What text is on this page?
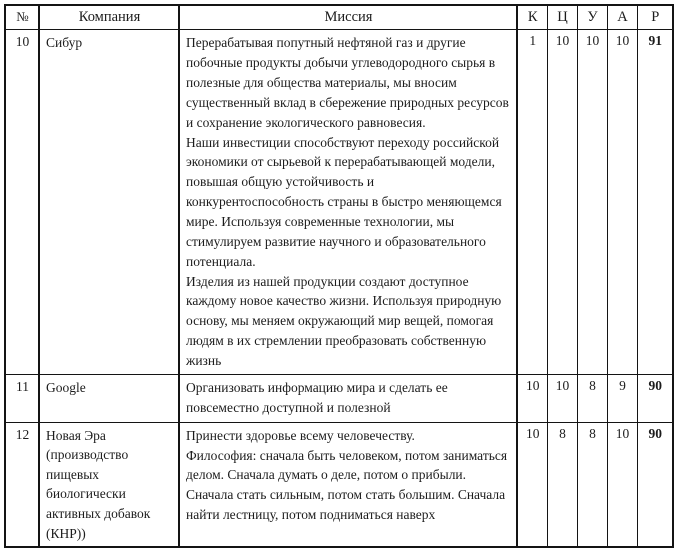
№	Компания	Миссия	К	Ц	У	А	Р
10	Сибур	Перерабатывая попутный нефтяной газ и другие побочные продукты добычи углеводородного сырья в полезные для общества материалы, мы вносим существенный вклад в сбережение природных ресурсов и сохранение экологического равновесия.

Наши инвестиции способствуют переходу российской экономики от сырьевой к перерабатывающей модели, повышая общую устойчивость и конкурентоспособность страны в быстро меняющемся мире. Используя современные технологии, мы стимулируем развитие научного и образовательного потенциала.

Изделия из нашей продукции создают доступное каждому новое качество жизни. Используя природную основу, мы меняем окружающий мир вещей, помогая людям в их стремлении преобразовать собственную жизнь	1	10	10	10	91
11	Google	Организовать информацию мира и сделать ее повсеместно доступной и полезной	10	10	8	9	90
12	Новая Эра (производство пищевых биологически активных добавок (КНР))	Принести здоровье всему человечеству.

Философия: сначала быть человеком, потом заниматься делом. Сначала думать о деле, потом о прибыли. Сначала стать сильным, потом стать большим. Сначала найти лестницу, потом подниматься наверх	10	8	8	10	90
